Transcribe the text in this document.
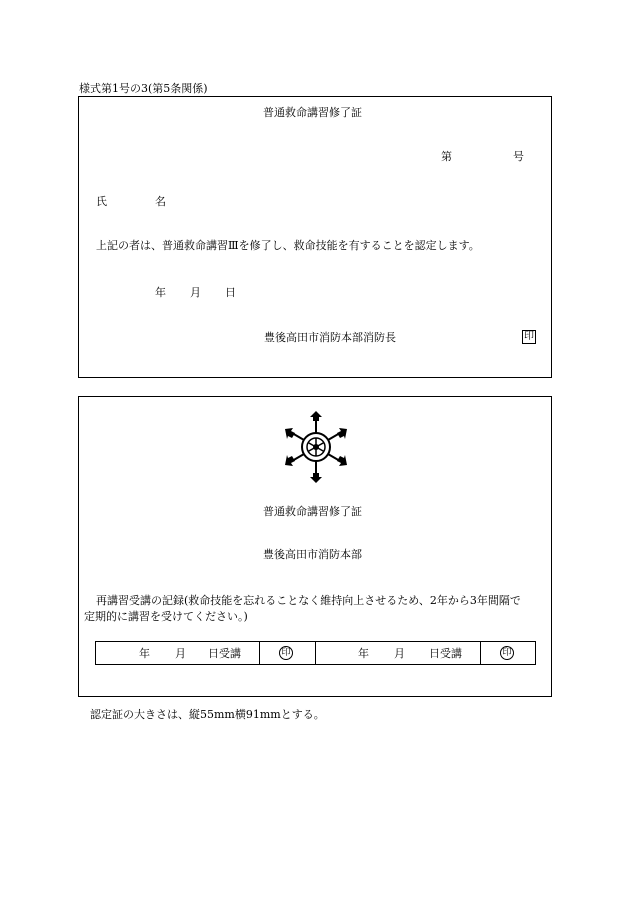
様式第1号の3(第5条関係)
普通救命講習修了証
第	号
氏	名
上記の者は、普通救命講習Ⅲを修了し、救命技能を有することを認定します。
年 月 日
豊後高田市消防本部消防長	印
普通救命講習修了証
豊後高田市消防本部
再講習受講の記録(救命技能を忘れることなく維持向上させるため、2年から3年間隔で
定期的に講習を受けてください。)
年 月 日受講	印	年 月 日受講	印
認定証の大きさは、縦55mm横91mmとする。
